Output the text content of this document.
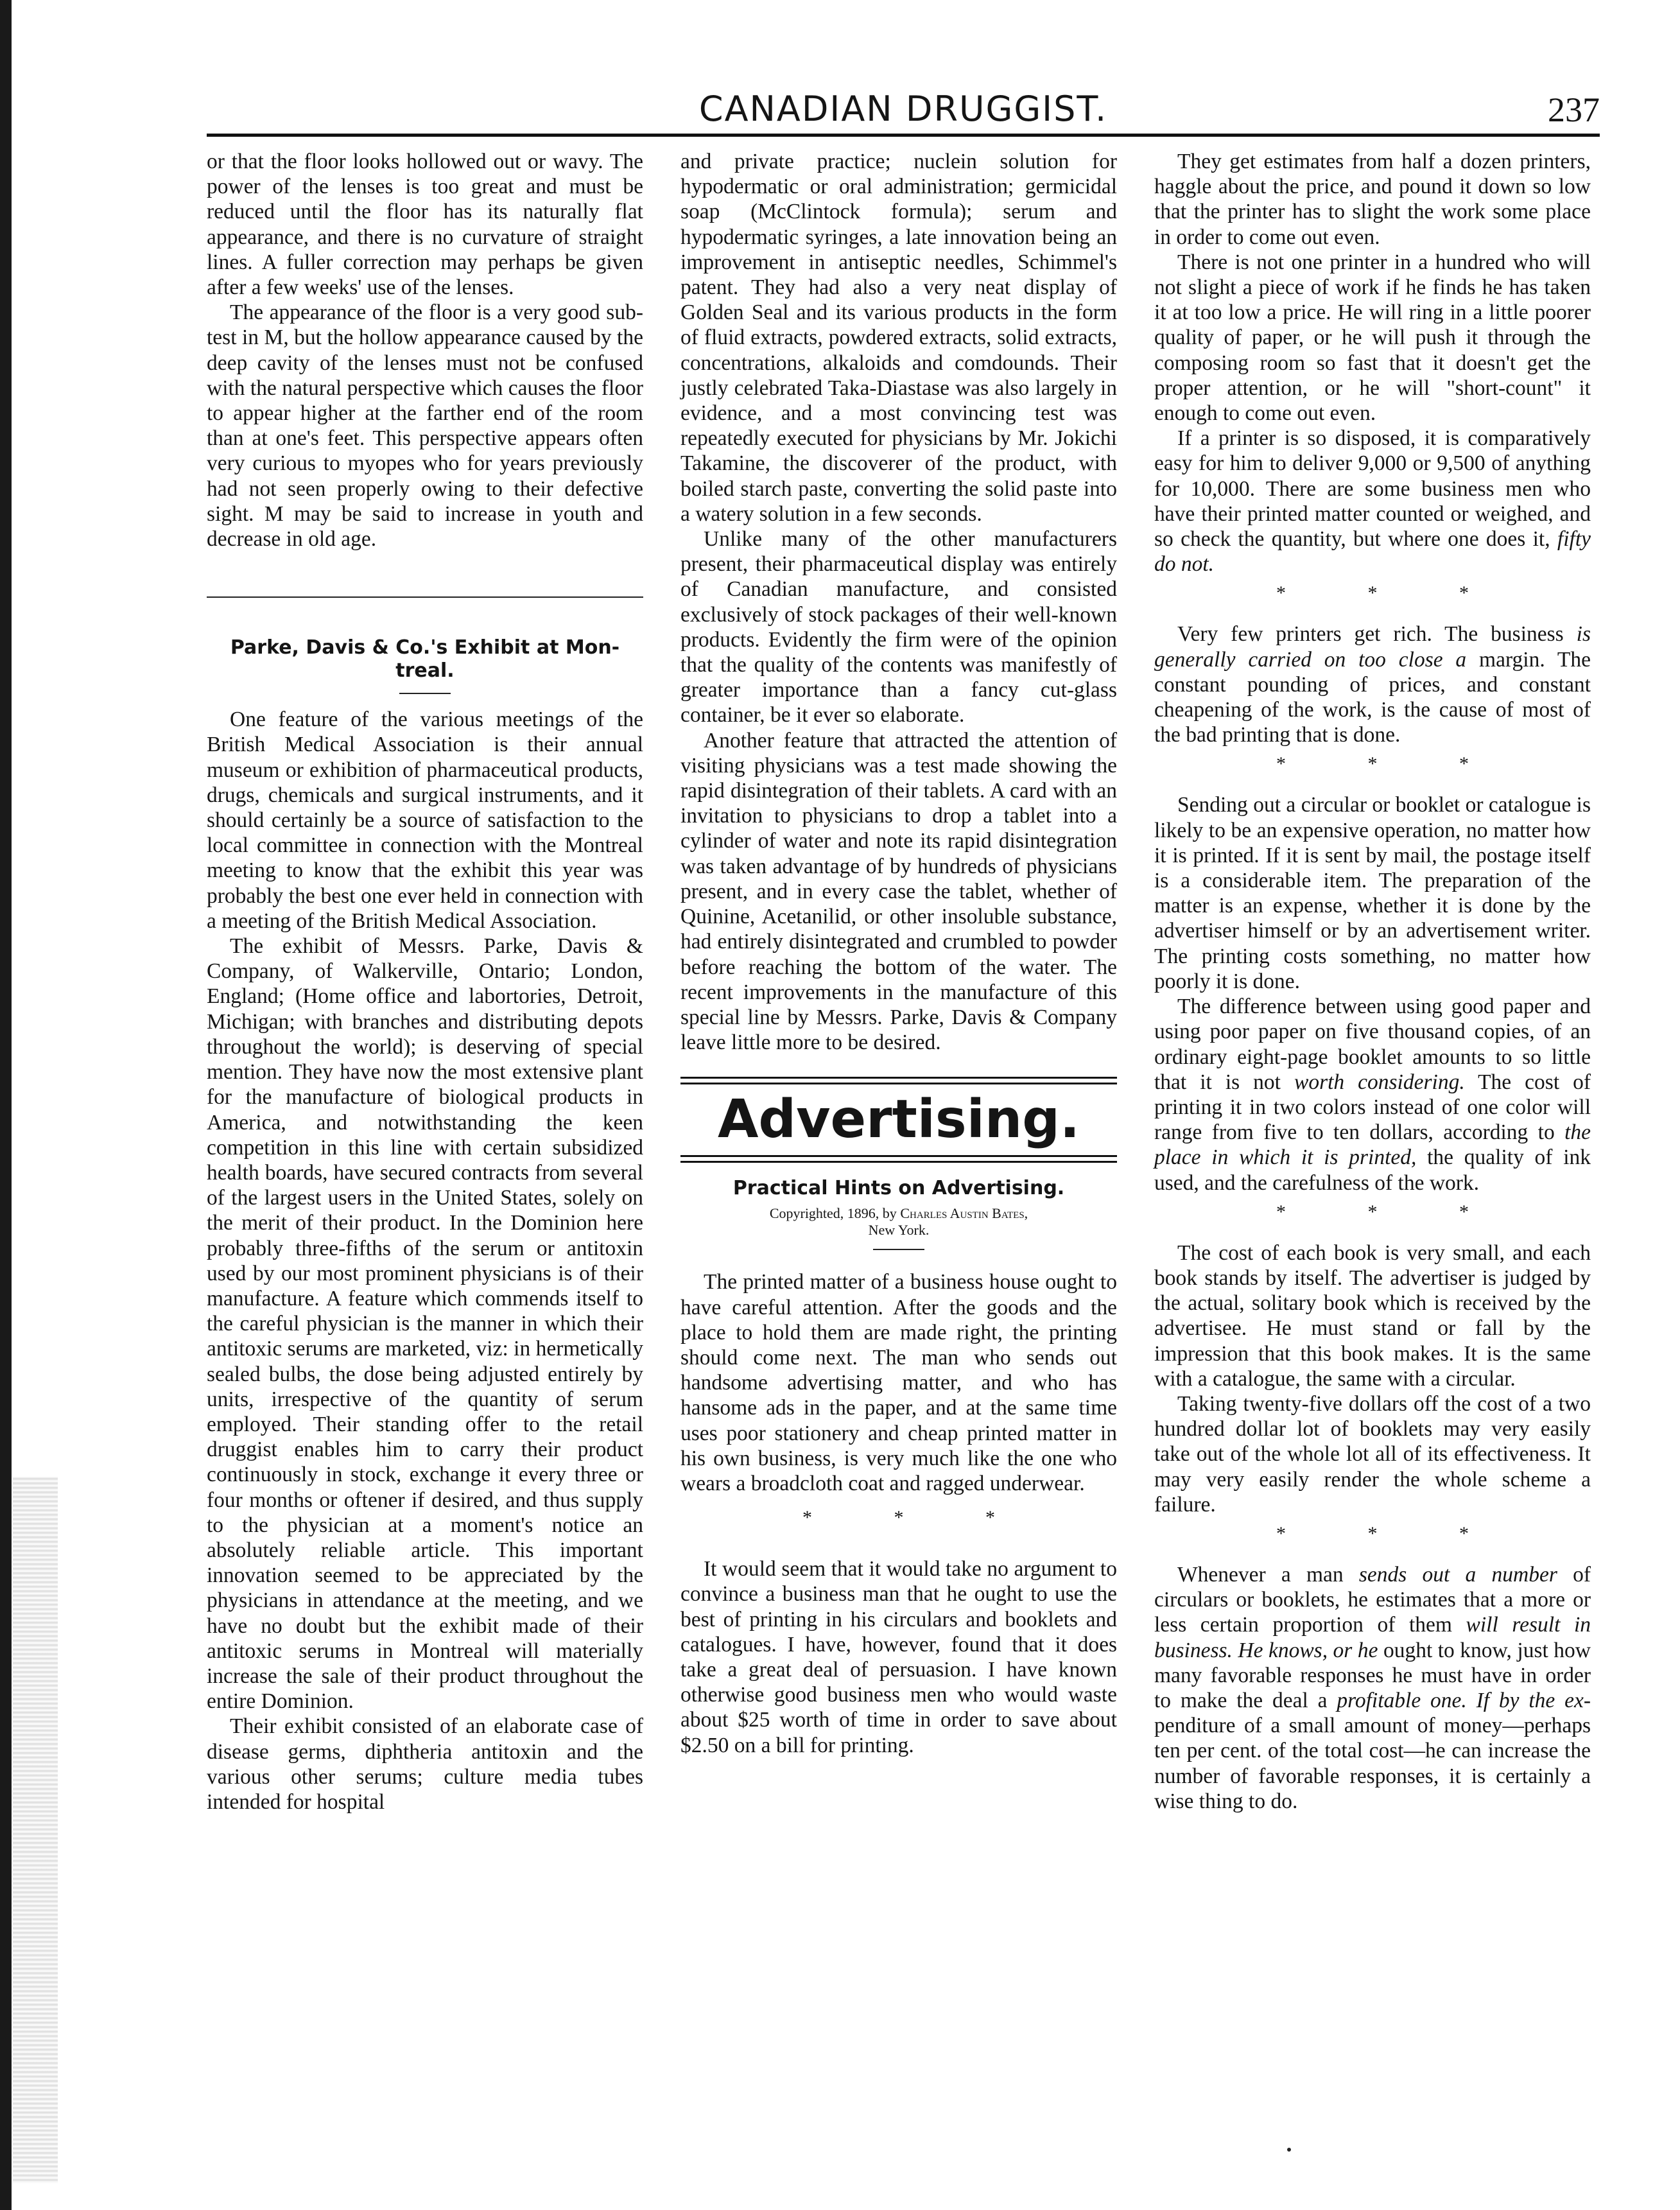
CANADIAN DRUGGIST.	237

or that the floor looks hollowed out or wavy. The power of the lenses is too great and must be reduced until the floor has its naturally flat appearance, and there is no curvature of straight lines. A fuller correction may perhaps be given after a few weeks' use of the lenses.

The appearance of the floor is a very good sub-test in M, but the hollow appearance caused by the deep cavity of the lenses must not be confused with the natural perspective which causes the floor to appear higher at the farther end of the room than at one's feet. This perspective appears often very curious to myopes who for years previously had not seen properly owing to their defective sight. M may be said to increase in youth and decrease in old age.

Parke, Davis & Co.'s Exhibit at Mon-
treal.

One feature of the various meetings of the British Medical Association is their annual museum or exhibition of pharmaceutical products, drugs, chemicals and surgical instruments, and it should certainly be a source of satisfaction to the local committee in connection with the Montreal meeting to know that the exhibit this year was probably the best one ever held in connection with a meeting of the British Medical Association.

The exhibit of Messrs. Parke, Davis & Company, of Walkerville, Ontario; London, England; (Home office and labortories, Detroit, Michigan; with branches and distributing depots throughout the world); is deserving of special mention. They have now the most extensive plant for the manufacture of biological products in America, and notwithstanding the keen competition in this line with certain subsidized health boards, have secured contracts from several of the largest users in the United States, solely on the merit of their product. In the Dominion here probably three-fifths of the serum or antitoxin used by our most prominent physicians is of their manufacture. A feature which commends itself to the careful physician is the manner in which their antitoxic serums are marketed, viz: in hermetically sealed bulbs, the dose being adjusted entirely by units, irrespective of the quantity of serum employed. Their standing offer to the retail druggist enables him to carry their product continuously in stock, exchange it every three or four months or oftener if desired, and thus supply to the physician at a moment's notice an absolutely reliable article. This important innovation seemed to be appreciated by the physicians in attendance at the meeting, and we have no doubt but the exhibit made of their antitoxic serums in Montreal will materially increase the sale of their product throughout the entire Dominion.

Their exhibit consisted of an elaborate case of disease germs, diphtheria antitoxin and the various other serums; culture media tubes intended for hospital

and private practice; nuclein solution for hypodermatic or oral administration; germicidal soap (McClintock formula); serum and hypodermatic syringes, a late innovation being an improvement in antiseptic needles, Schimmel's patent. They had also a very neat display of Golden Seal and its various products in the form of fluid extracts, powdered extracts, solid extracts, concentrations, alkaloids and comdounds. Their justly celebrated Taka-Diastase was also largely in evidence, and a most convincing test was repeatedly executed for physicians by Mr. Jokichi Takamine, the discoverer of the product, with boiled starch paste, converting the solid paste into a watery solution in a few seconds.

Unlike many of the other manufacturers present, their pharmaceutical display was entirely of Canadian manufacture, and consisted exclusively of stock packages of their well-known products. Evidently the firm were of the opinion that the quality of the contents was manifestly of greater importance than a fancy cut-glass container, be it ever so elaborate.

Another feature that attracted the attention of visiting physicians was a test made showing the rapid disintegration of their tablets. A card with an invitation to physicians to drop a tablet into a cylinder of water and note its rapid disintegration was taken advantage of by hundreds of physicians present, and in every case the tablet, whether of Quinine, Acetanilid, or other insoluble substance, had entirely disintegrated and crumbled to powder before reaching the bottom of the water. The recent improvements in the manufacture of this special line by Messrs. Parke, Davis & Company leave little more to be desired.

Advertising.
Practical Hints on Advertising.
Copyrighted, 1896, by Charles Austin Bates,
New York.

The printed matter of a business house ought to have careful attention. After the goods and the place to hold them are made right, the printing should come next. The man who sends out handsome advertising matter, and who has hansome ads in the paper, and at the same time uses poor stationery and cheap printed matter in his own business, is very much like the one who wears a broadcloth coat and ragged underwear.

* * *

It would seem that it would take no argument to convince a business man that he ought to use the best of printing in his circulars and booklets and catalogues. I have, however, found that it does take a great deal of persuasion. I have known otherwise good business men who would waste about $25 worth of time in order to save about $2.50 on a bill for printing.

They get estimates from half a dozen printers, haggle about the price, and pound it down so low that the printer has to slight the work some place in order to come out even.

There is not one printer in a hundred who will not slight a piece of work if he finds he has taken it at too low a price. He will ring in a little poorer quality of paper, or he will push it through the composing room so fast that it doesn't get the proper attention, or he will "short-count" it enough to come out even.

If a printer is so disposed, it is comparatively easy for him to deliver 9,000 or 9,500 of anything for 10,000. There are some business men who have their printed matter counted or weighed, and so check the quantity, but where one does it, fifty do not.

* * *

Very few printers get rich. The business is generally carried on too close a margin. The constant pounding of prices, and constant cheapening of the work, is the cause of most of the bad printing that is done.

* * *

Sending out a circular or booklet or catalogue is likely to be an expensive operation, no matter how it is printed. If it is sent by mail, the postage itself is a considerable item. The preparation of the matter is an expense, whether it is done by the advertiser himself or by an advertisement writer. The printing costs something, no matter how poorly it is done.

The difference between using good paper and using poor paper on five thousand copies, of an ordinary eight-page booklet amounts to so little that it is not worth considering. The cost of printing it in two colors instead of one color will range from five to ten dollars, according to the place in which it is printed, the quality of ink used, and the carefulness of the work.

* * *

The cost of each book is very small, and each book stands by itself. The advertiser is judged by the actual, solitary book which is received by the advertisee. He must stand or fall by the impression that this book makes. It is the same with a catalogue, the same with a circular.

Taking twenty-five dollars off the cost of a two hundred dollar lot of booklets may very easily take out of the whole lot all of its effectiveness. It may very easily render the whole scheme a failure.

* * *

Whenever a man sends out a number of circulars or booklets, he estimates that a more or less certain proportion of them will result in business. He knows, or he ought to know, just how many favorable responses he must have in order to make the deal a profitable one. If by the ex- penditure of a small amount of money—perhaps ten per cent. of the total cost—he can increase the number of favorable responses, it is certainly a wise thing to do.
